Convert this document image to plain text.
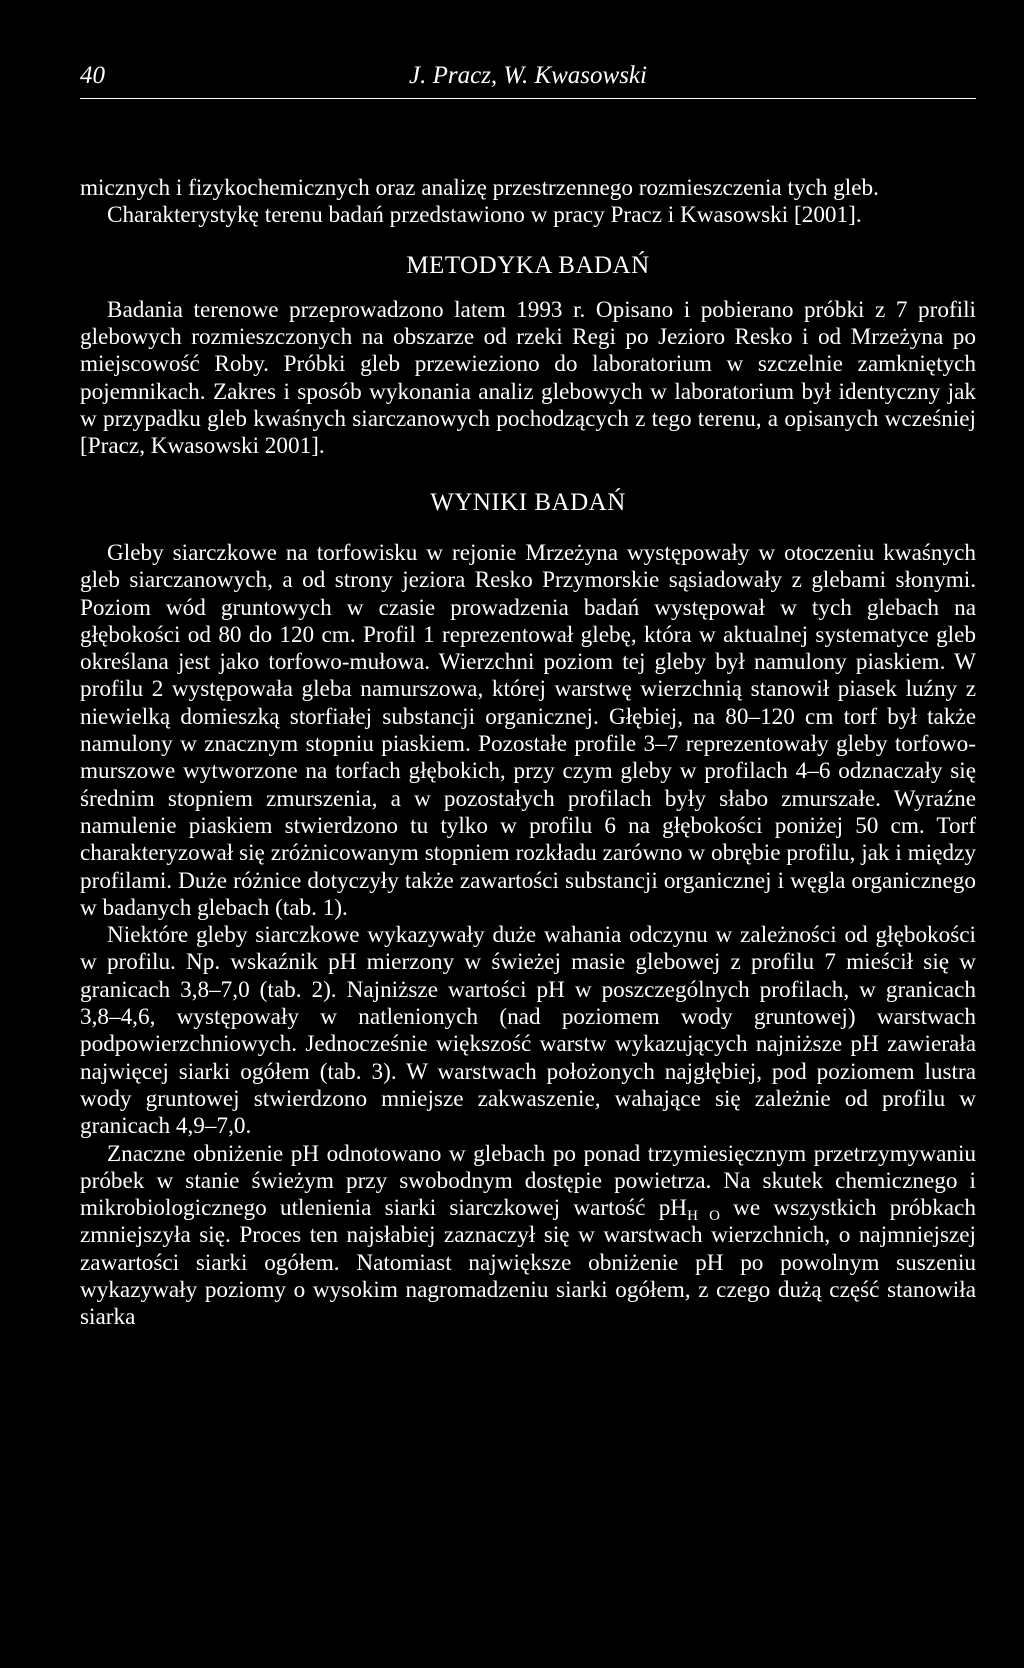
40	J. Pracz, W. Kwasowski

micznych i fizykochemicznych oraz analizę przestrzennego rozmieszczenia tych gleb.

Charakterystykę terenu badań przedstawiono w pracy Pracz i Kwasowski [2001].

METODYKA BADAŃ

Badania terenowe przeprowadzono latem 1993 r. Opisano i pobierano próbki z 7 profili glebowych rozmieszczonych na obszarze od rzeki Regi po Jezioro Resko i od Mrzeżyna po miejscowość Roby. Próbki gleb przewieziono do laboratorium w szczelnie zamkniętych pojemnikach. Zakres i sposób wykonania analiz glebowych w laboratorium był identyczny jak w przypadku gleb kwaśnych siarczanowych pochodzących z tego terenu, a opisanych wcześniej [Pracz, Kwasowski 2001].

WYNIKI BADAŃ

Gleby siarczkowe na torfowisku w rejonie Mrzeżyna występowały w otoczeniu kwaśnych gleb siarczanowych, a od strony jeziora Resko Przymorskie sąsiadowały z glebami słonymi. Poziom wód gruntowych w czasie prowadzenia badań występował w tych glebach na głębokości od 80 do 120 cm. Profil 1 reprezentował glebę, która w aktualnej systematyce gleb określana jest jako torfowo-mułowa. Wierzchni poziom tej gleby był namulony piaskiem. W profilu 2 występowała gleba namurszowa, której warstwę wierzchnią stanowił piasek luźny z niewielką domieszką storfiałej substancji organicznej. Głębiej, na 80–120 cm torf był także namulony w znacznym stopniu piaskiem. Pozostałe profile 3–7 reprezentowały gleby torfowo-murszowe wytworzone na torfach głębokich, przy czym gleby w profilach 4–6 odznaczały się średnim stopniem zmurszenia, a w pozostałych profilach były słabo zmurszałe. Wyraźne namulenie piaskiem stwierdzono tu tylko w profilu 6 na głębokości poniżej 50 cm. Torf charakteryzował się zróżnicowanym stopniem rozkładu zarówno w obrębie profilu, jak i między profilami. Duże różnice dotyczyły także zawartości substancji organicznej i węgla organicznego w badanych glebach (tab. 1).

Niektóre gleby siarczkowe wykazywały duże wahania odczynu w zależności od głębokości w profilu. Np. wskaźnik pH mierzony w świeżej masie glebowej z profilu 7 mieścił się w granicach 3,8–7,0 (tab. 2). Najniższe wartości pH w poszczególnych profilach, w granicach 3,8–4,6, występowały w natlenionych (nad poziomem wody gruntowej) warstwach podpowierzchniowych. Jednocześnie większość warstw wykazujących najniższe pH zawierała najwięcej siarki ogółem (tab. 3). W warstwach położonych najgłębiej, pod poziomem lustra wody gruntowej stwierdzono mniejsze zakwaszenie, wahające się zależnie od profilu w granicach 4,9–7,0.

Znaczne obniżenie pH odnotowano w glebach po ponad trzymiesięcznym przetrzymywaniu próbek w stanie świeżym przy swobodnym dostępie powietrza. Na skutek chemicznego i mikrobiologicznego utlenienia siarki siarczkowej wartość $pH_{H O}$ we wszystkich próbkach zmniejszyła się. Proces ten najsłabiej zaznaczył się w warstwach wierzchnich, o najmniejszej zawartości siarki ogółem. Natomiast największe obniżenie pH po powolnym suszeniu wykazywały poziomy o wysokim nagromadzeniu siarki ogółem, z czego dużą część stanowiła siarka
